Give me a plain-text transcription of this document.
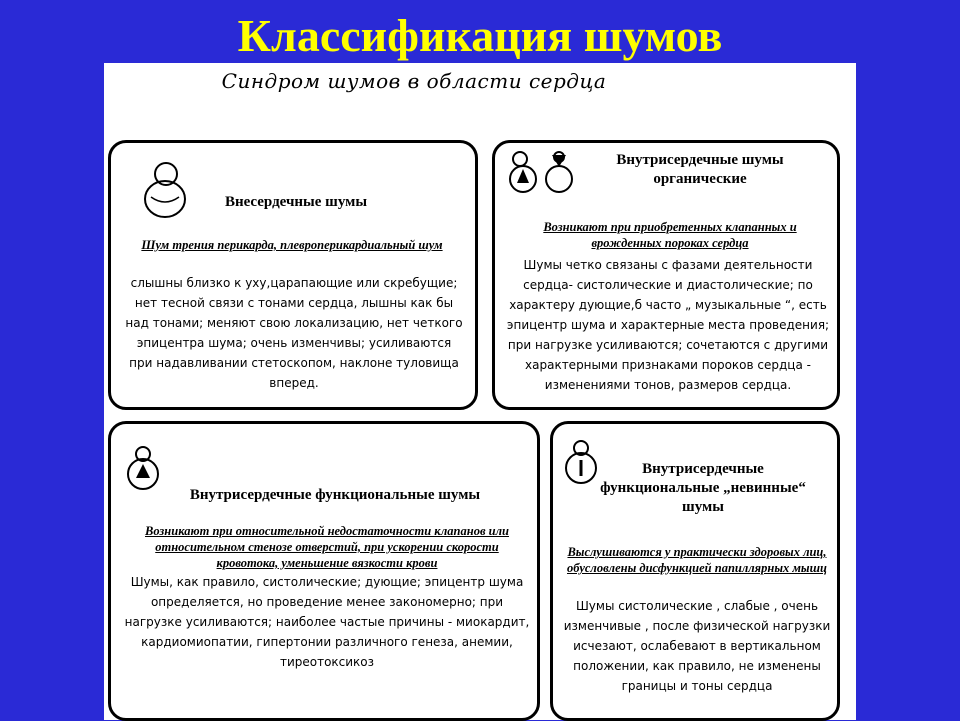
Классификация шумов
Синдром шумов в области сердца
Внесердечные шумы
Шум трения перикарда, плевроперикардиальный шум
слышны близко к уху,царапающие или скребущие; нет тесной связи с тонами сердца, лышны как бы над тонами; меняют свою локализацию, нет четкого эпицентра шума; очень изменчивы; усиливаются при надавливании стетоскопом, наклоне туловища вперед.
Внутрисердечные шумы органические
Возникают при приобретенных клапанных и врожденных пороках сердца
Шумы четко связаны с фазами деятельности сердца- систолические и диастолические; по характеру дующие,б часто „ музыкальные “, есть эпицентр шума и характерные места проведения; при нагрузке усиливаются; сочетаются с другими характерными признаками пороков сердца - изменениями тонов, размеров сердца.
Внутрисердечные функциональные шумы
Возникают при относительной недостаточности клапанов или относительном стенозе отверстий, при ускорении скорости кровотока, уменьшение вязкости крови
Шумы, как правило, систолические; дующие; эпицентр шума определяется, но проведение менее закономерно; при нагрузке усиливаются; наиболее частые причины - миокардит, кардиомиопатии, гипертонии различного генеза, анемии, тиреотоксикоз
Внутрисердечные функциональные „невинные“ шумы
Выслушиваются у практически здоровых лиц, обусловлены дисфункцией папиллярных мышц
Шумы систолические , слабые , очень изменчивые , после физической нагрузки исчезают, ослабевают в вертикальном положении, как правило, не изменены границы и тоны сердца
